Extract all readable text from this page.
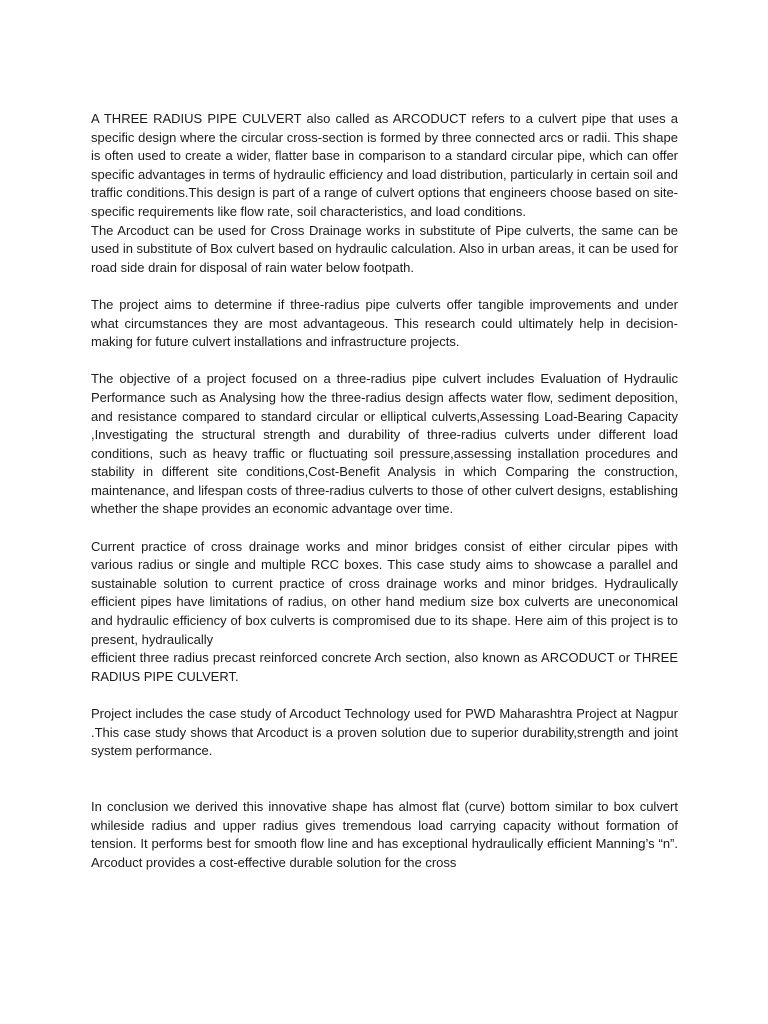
A THREE RADIUS PIPE CULVERT also called as ARCODUCT refers to a culvert pipe that uses a specific design where the circular cross-section is formed by three connected arcs or radii. This shape is often used to create a wider, flatter base in comparison to a standard circular pipe, which can offer specific advantages in terms of hydraulic efficiency and load distribution, particularly in certain soil and traffic conditions.This design is part of a range of culvert options that engineers choose based on site-specific requirements like flow rate, soil characteristics, and load conditions.

The Arcoduct can be used for Cross Drainage works in substitute of Pipe culverts, the same can be used in substitute of Box culvert based on hydraulic calculation. Also in urban areas, it can be used for road side drain for disposal of rain water below footpath.

The project aims to determine if three-radius pipe culverts offer tangible improvements and under what circumstances they are most advantageous. This research could ultimately help in decision-making for future culvert installations and infrastructure projects.

The objective of a project focused on a three-radius pipe culvert includes Evaluation of Hydraulic Performance such as Analysing how the three-radius design affects water flow, sediment deposition, and resistance compared to standard circular or elliptical culverts,Assessing Load-Bearing Capacity ,Investigating the structural strength and durability of three-radius culverts under different load conditions, such as heavy traffic or fluctuating soil pressure,assessing installation procedures and stability in different site conditions,Cost-Benefit Analysis in which Comparing the construction, maintenance, and lifespan costs of three-radius culverts to those of other culvert designs, establishing whether the shape provides an economic advantage over time.

Current practice of cross drainage works and minor bridges consist of either circular pipes with various radius or single and multiple RCC boxes. This case study aims to showcase a parallel and sustainable solution to current practice of cross drainage works and minor bridges. Hydraulically efficient pipes have limitations of radius, on other hand medium size box culverts are uneconomical and hydraulic efficiency of box culverts is compromised due to its shape. Here aim of this project is to present, hydraulically
efficient three radius precast reinforced concrete Arch section, also known as ARCODUCT or THREE RADIUS PIPE CULVERT.

Project includes the case study of Arcoduct Technology used for PWD Maharashtra Project at Nagpur .This case study shows that Arcoduct is a proven solution due to superior durability,strength and joint system performance.

In conclusion we derived this innovative shape has almost flat (curve) bottom similar to box culvert whileside radius and upper radius gives tremendous load carrying capacity without formation of tension. It performs best for smooth flow line and has exceptional hydraulically efficient Manning’s “n”. Arcoduct provides a cost-effective durable solution for the cross
